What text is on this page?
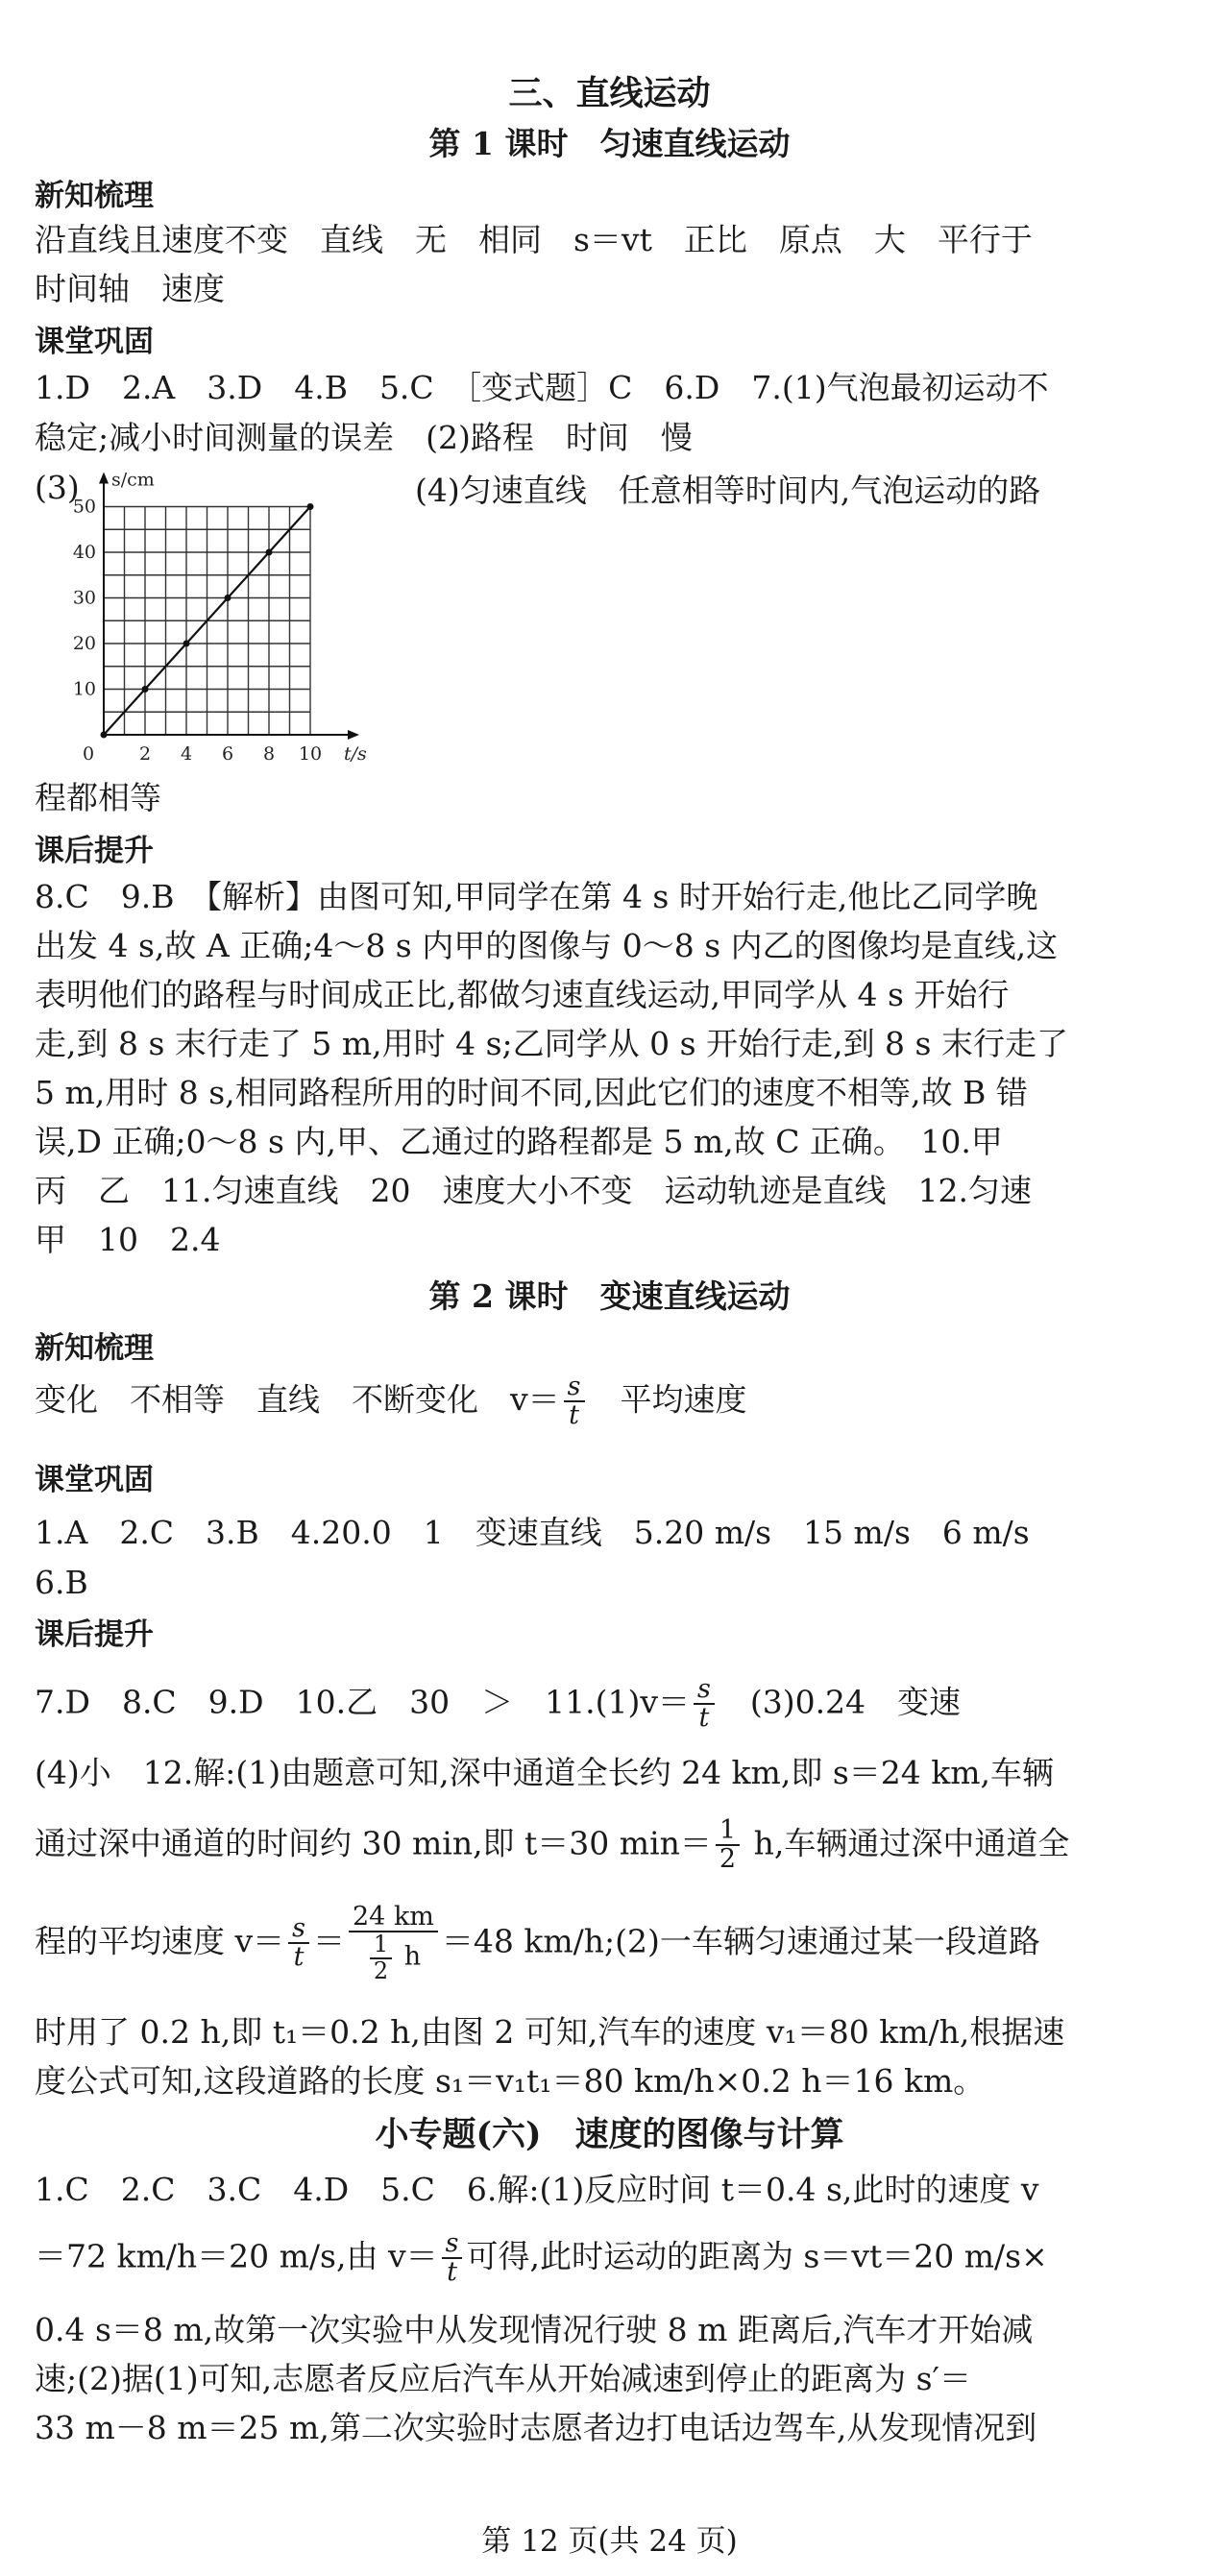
三、直线运动
第 1 课时　匀速直线运动
新知梳理
沿直线且速度不变　直线　无　相同　s＝vt　正比　原点　大　平行于
时间轴　速度
课堂巩固
1.D　2.A　3.D　4.B　5.C　［变式题］C　6.D　7.(1)气泡最初运动不
稳定;减小时间测量的误差　(2)路程　时间　慢
(3)
0 2 4 6 8 10
10
20
30
40
50
t/s
s/cm	(4)匀速直线　任意相等时间内,气泡运动的路
程都相等
课后提升
8.C　9.B　【解析】由图可知,甲同学在第 4 s 时开始行走,他比乙同学晚
出发 4 s,故 A 正确;4～8 s 内甲的图像与 0～8 s 内乙的图像均是直线,这
表明他们的路程与时间成正比,都做匀速直线运动,甲同学从 4 s 开始行
走,到 8 s 末行走了 5 m,用时 4 s;乙同学从 0 s 开始行走,到 8 s 末行走了
5 m,用时 8 s,相同路程所用的时间不同,因此它们的速度不相等,故 B 错
误,D 正确;0～8 s 内,甲、乙通过的路程都是 5 m,故 C 正确。　10.甲
丙　乙　11.匀速直线　20　速度大小不变　运动轨迹是直线　12.匀速
甲　10　2.4
第 2 课时　变速直线运动
新知梳理
变化　不相等　直线　不断变化　$v= \frac{s}{t}$ 　平均速度
课堂巩固
1.A　2.C　3.B　4.20.0　1　变速直线　5.20 m/s　15 m/s　6 m/s
6.B
课后提升
7.D　8.C　9.D　10.乙　30　＞　$11.(1)v= \frac{s}{t}$ 　(3)0.24　变速
(4)小　12.解:(1)由题意可知,深中通道全长约 24 km,即 s＝24 km,车辆
通过深中通道的时间约 30 min,即 t＝30 $\min= \frac{1}{2} h$,车辆通过深中通道全
程的平均速度 $v= \frac{s}{t} = \frac{24 km}{\frac{1}{2} h} =48$ km/h;(2)一车辆匀速通过某一段道路
时用了 0.2 h,即 t₁＝0.2 h,由图 2 可知,汽车的速度 v₁＝80 km/h,根据速
度公式可知,这段道路的长度 s₁＝v₁t₁＝80 km/h×0.2 h＝16 km。
小专题(六)　速度的图像与计算
1.C　2.C　3.C　4.D　5.C　6.解:(1)反应时间 t＝0.4 s,此时的速度 v
＝72 km/h＝20 m/s,由 $v= \frac{s}{t}$ 可得,此时运动的距离为 s＝vt＝20 m/s×
0.4 s＝8 m,故第一次实验中从发现情况行驶 8 m 距离后,汽车才开始减
速;(2)据(1)可知,志愿者反应后汽车从开始减速到停止的距离为 s′＝
33 m－8 m＝25 m,第二次实验时志愿者边打电话边驾车,从发现情况到
第 12 页(共 24 页)
